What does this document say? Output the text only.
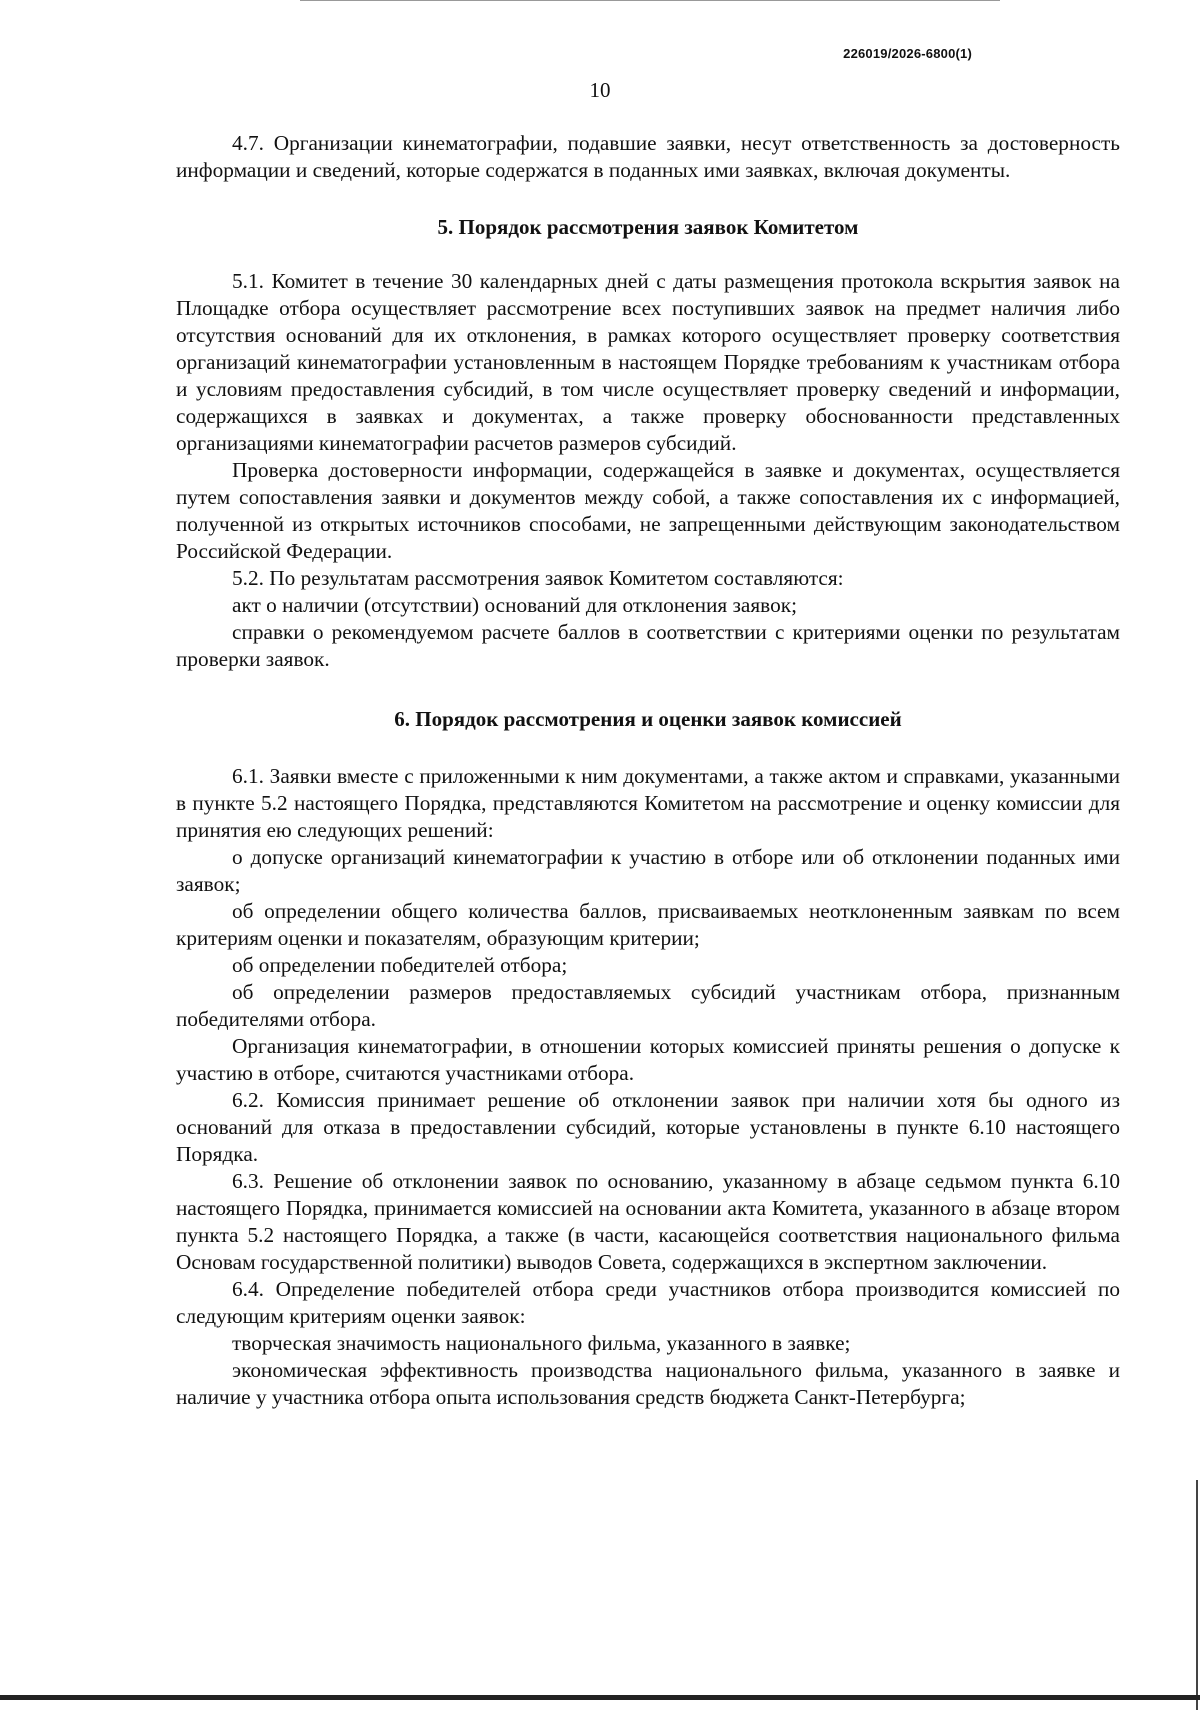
226019/2026-6800(1)
10

4.7. Организации кинематографии, подавшие заявки, несут ответственность за достоверность информации и сведений, которые содержатся в поданных ими заявках, включая документы.

5. Порядок рассмотрения заявок Комитетом

5.1. Комитет в течение 30 календарных дней с даты размещения протокола вскрытия заявок на Площадке отбора осуществляет рассмотрение всех поступивших заявок на предмет наличия либо отсутствия оснований для их отклонения, в рамках которого осуществляет проверку соответствия организаций кинематографии установленным в настоящем Порядке требованиям к участникам отбора и условиям предоставления субсидий, в том числе осуществляет проверку сведений и информации, содержащихся в заявках и документах, а также проверку обоснованности представленных организациями кинематографии расчетов размеров субсидий.

Проверка достоверности информации, содержащейся в заявке и документах, осуществляется путем сопоставления заявки и документов между собой, а также сопоставления их с информацией, полученной из открытых источников способами, не запрещенными действующим законодательством Российской Федерации.

5.2. По результатам рассмотрения заявок Комитетом составляются:

акт о наличии (отсутствии) оснований для отклонения заявок;

справки о рекомендуемом расчете баллов в соответствии с критериями оценки по результатам проверки заявок.

6. Порядок рассмотрения и оценки заявок комиссией

6.1. Заявки вместе с приложенными к ним документами, а также актом и справками, указанными в пункте 5.2 настоящего Порядка, представляются Комитетом на рассмотрение и оценку комиссии для принятия ею следующих решений:

о допуске организаций кинематографии к участию в отборе или об отклонении поданных ими заявок;

об определении общего количества баллов, присваиваемых неотклоненным заявкам по всем критериям оценки и показателям, образующим критерии;

об определении победителей отбора;

об определении размеров предоставляемых субсидий участникам отбора, признанным победителями отбора.

Организация кинематографии, в отношении которых комиссией приняты решения о допуске к участию в отборе, считаются участниками отбора.

6.2. Комиссия принимает решение об отклонении заявок при наличии хотя бы одного из оснований для отказа в предоставлении субсидий, которые установлены в пункте 6.10 настоящего Порядка.

6.3. Решение об отклонении заявок по основанию, указанному в абзаце седьмом пункта 6.10 настоящего Порядка, принимается комиссией на основании акта Комитета, указанного в абзаце втором пункта 5.2 настоящего Порядка, а также (в части, касающейся соответствия национального фильма Основам государственной политики) выводов Совета, содержащихся в экспертном заключении.

6.4. Определение победителей отбора среди участников отбора производится комиссией по следующим критериям оценки заявок:

творческая значимость национального фильма, указанного в заявке;

экономическая эффективность производства национального фильма, указанного в заявке и наличие у участника отбора опыта использования средств бюджета Санкт-Петербурга;
